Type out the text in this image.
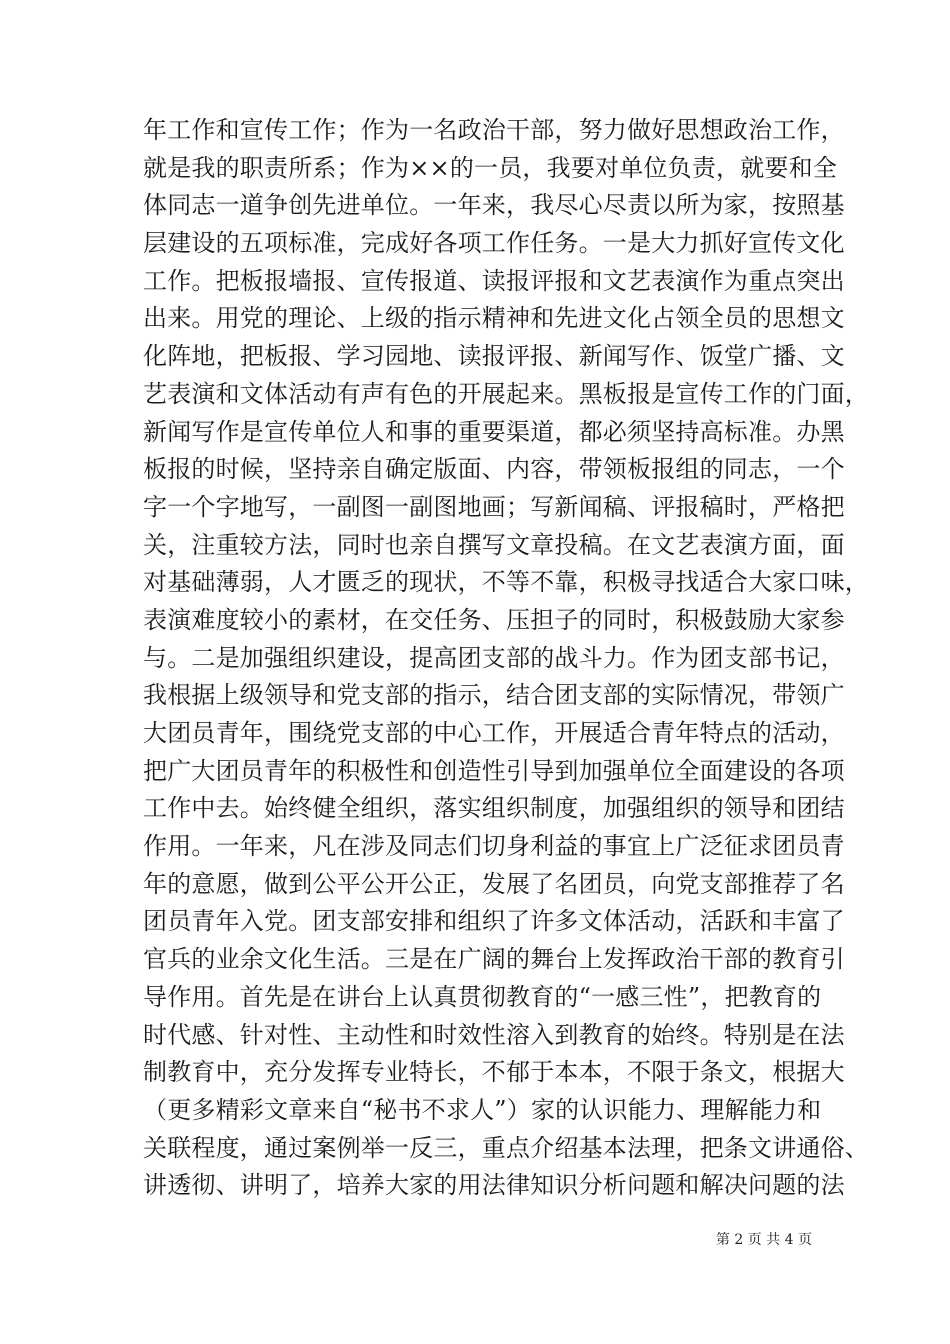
年工作和宣传工作；作为一名政治干部，努力做好思想政治工作，
就是我的职责所系；作为××的一员，我要对单位负责，就要和全
体同志一道争创先进单位。一年来，我尽心尽责以所为家，按照基
层建设的五项标准，完成好各项工作任务。一是大力抓好宣传文化
工作。把板报墙报、宣传报道、读报评报和文艺表演作为重点突出
出来。用党的理论、上级的指示精神和先进文化占领全员的思想文
化阵地，把板报、学习园地、读报评报、新闻写作、饭堂广播、文
艺表演和文体活动有声有色的开展起来。黑板报是宣传工作的门面，
新闻写作是宣传单位人和事的重要渠道，都必须坚持高标准。办黑
板报的时候，坚持亲自确定版面、内容，带领板报组的同志，一个
字一个字地写，一副图一副图地画；写新闻稿、评报稿时，严格把
关，注重较方法，同时也亲自撰写文章投稿。在文艺表演方面，面
对基础薄弱，人才匮乏的现状，不等不靠，积极寻找适合大家口味，
表演难度较小的素材，在交任务、压担子的同时，积极鼓励大家参
与。二是加强组织建设，提高团支部的战斗力。作为团支部书记，
我根据上级领导和党支部的指示，结合团支部的实际情况，带领广
大团员青年，围绕党支部的中心工作，开展适合青年特点的活动，
把广大团员青年的积极性和创造性引导到加强单位全面建设的各项
工作中去。始终健全组织，落实组织制度，加强组织的领导和团结
作用。一年来，凡在涉及同志们切身利益的事宜上广泛征求团员青
年的意愿，做到公平公开公正，发展了名团员，向党支部推荐了名
团员青年入党。团支部安排和组织了许多文体活动，活跃和丰富了
官兵的业余文化生活。三是在广阔的舞台上发挥政治干部的教育引
导作用。首先是在讲台上认真贯彻教育的“一感三性”，把教育的
时代感、针对性、主动性和时效性溶入到教育的始终。特别是在法
制教育中，充分发挥专业特长，不郁于本本，不限于条文，根据大
（更多精彩文章来自“秘书不求人”）家的认识能力、理解能力和
关联程度，通过案例举一反三，重点介绍基本法理，把条文讲通俗、
讲透彻、讲明了，培养大家的用法律知识分析问题和解决问题的法
第 2 页 共 4 页
